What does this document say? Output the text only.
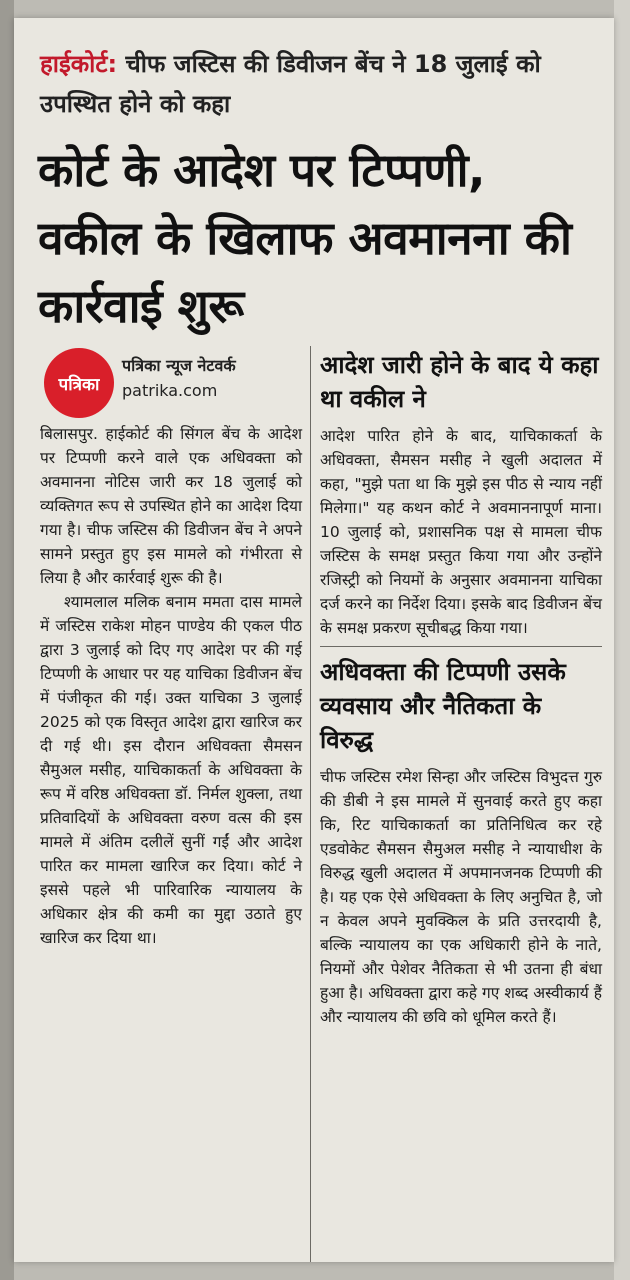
हाईकोर्ट: चीफ जस्टिस की डिवीजन बेंच ने 18 जुलाई को उपस्थित होने को कहा
कोर्ट के आदेश पर टिप्पणी, वकील के खिलाफ अवमानना की कार्रवाई शुरू
पत्रिका
पत्रिका न्यूज नेटवर्क
patrika.com

बिलासपुर. हाईकोर्ट की सिंगल बेंच के आदेश पर टिप्पणी करने वाले एक अधिवक्ता को अवमानना नोटिस जारी कर 18 जुलाई को व्यक्तिगत रूप से उपस्थित होने का आदेश दिया गया है। चीफ जस्टिस की डिवीजन बेंच ने अपने सामने प्रस्तुत हुए इस मामले को गंभीरता से लिया है और कार्रवाई शुरू की है।

श्यामलाल मलिक बनाम ममता दास मामले में जस्टिस राकेश मोहन पाण्डेय की एकल पीठ द्वारा 3 जुलाई को दिए गए आदेश पर की गई टिप्पणी के आधार पर यह याचिका डिवीजन बेंच में पंजीकृत की गई। उक्त याचिका 3 जुलाई 2025 को एक विस्तृत आदेश द्वारा खारिज कर दी गई थी। इस दौरान अधिवक्ता सैमसन सैमुअल मसीह, याचिकाकर्ता के अधिवक्ता के रूप में वरिष्ठ अधिवक्ता डॉ. निर्मल शुक्ला, तथा प्रतिवादियों के अधिवक्ता वरुण वत्स की इस मामले में अंतिम दलीलें सुनीं गईं और आदेश पारित कर मामला खारिज कर दिया। कोर्ट ने इससे पहले भी पारिवारिक न्यायालय के अधिकार क्षेत्र की कमी का मुद्दा उठाते हुए खारिज कर दिया था।

आदेश जारी होने के बाद ये कहा था वकील ने

आदेश पारित होने के बाद, याचिकाकर्ता के अधिवक्ता, सैमसन मसीह ने खुली अदालत में कहा, "मुझे पता था कि मुझे इस पीठ से न्याय नहीं मिलेगा।" यह कथन कोर्ट ने अवमाननापूर्ण माना। 10 जुलाई को, प्रशासनिक पक्ष से मामला चीफ जस्टिस के समक्ष प्रस्तुत किया गया और उन्होंने रजिस्ट्री को नियमों के अनुसार अवमानना याचिका दर्ज करने का निर्देश दिया। इसके बाद डिवीजन बेंच के समक्ष प्रकरण सूचीबद्ध किया गया।

अधिवक्ता की टिप्पणी उसके व्यवसाय और नैतिकता के विरुद्ध

चीफ जस्टिस रमेश सिन्हा और जस्टिस विभुदत्त गुरु की डीबी ने इस मामले में सुनवाई करते हुए कहा कि, रिट याचिकाकर्ता का प्रतिनिधित्व कर रहे एडवोकेट सैमसन सैमुअल मसीह ने न्यायाधीश के विरुद्ध खुली अदालत में अपमानजनक टिप्पणी की है। यह एक ऐसे अधिवक्ता के लिए अनुचित है, जो न केवल अपने मुवक्किल के प्रति उत्तरदायी है, बल्कि न्यायालय का एक अधिकारी होने के नाते, नियमों और पेशेवर नैतिकता से भी उतना ही बंधा हुआ है। अधिवक्ता द्वारा कहे गए शब्द अस्वीकार्य हैं और न्यायालय की छवि को धूमिल करते हैं।
